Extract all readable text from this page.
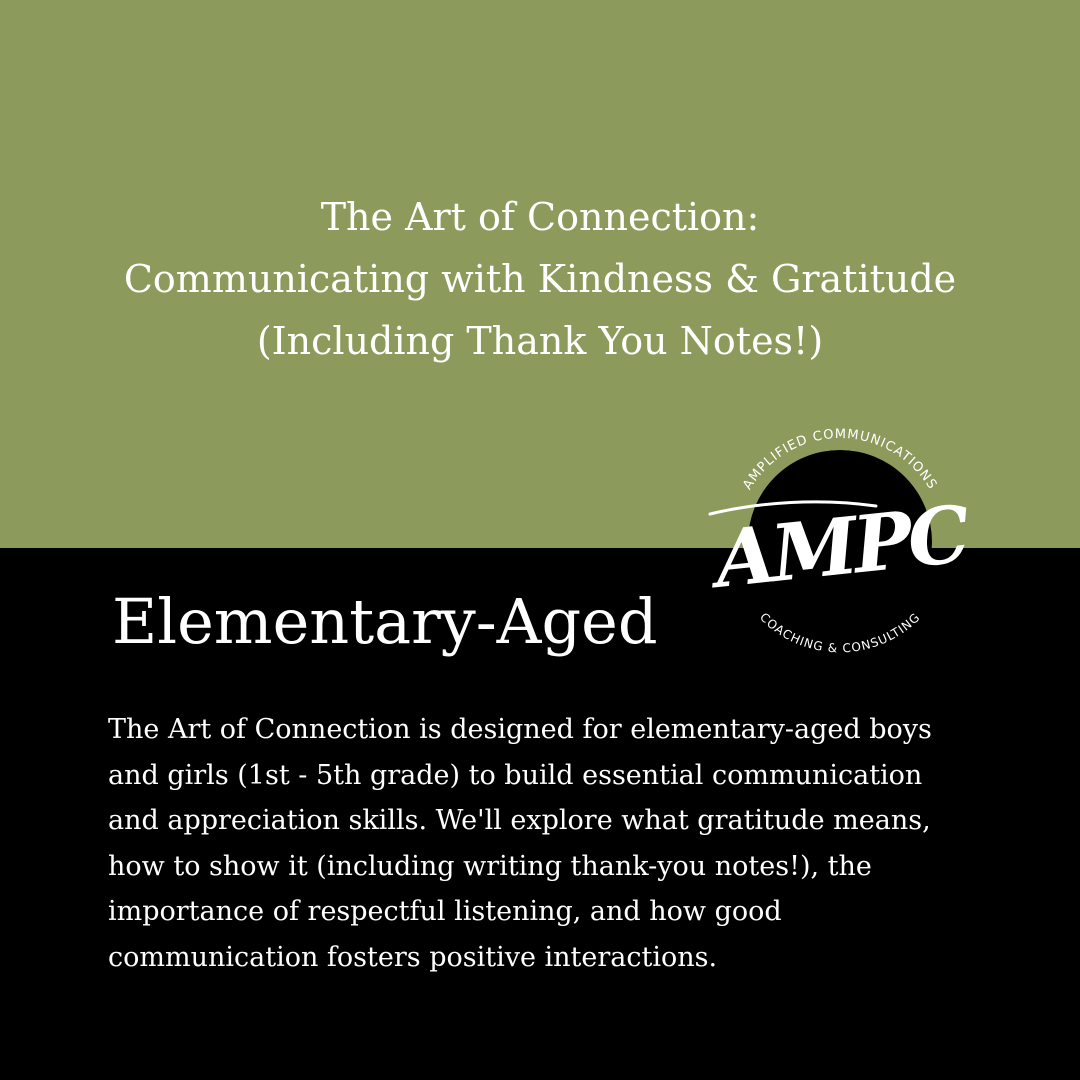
The Art of Connection:
Communicating with Kindness & Gratitude
(Including Thank You Notes!)
Elementary-Aged
The Art of Connection is designed for elementary-aged boys
and girls (1st - 5th grade) to build essential communication
and appreciation skills. We'll explore what gratitude means,
how to show it (including writing thank-you notes!), the
importance of respectful listening, and how good
communication fosters positive interactions.
AMPLIFIED COMMUNICATIONS
COACHING & CONSULTING
AMPC
